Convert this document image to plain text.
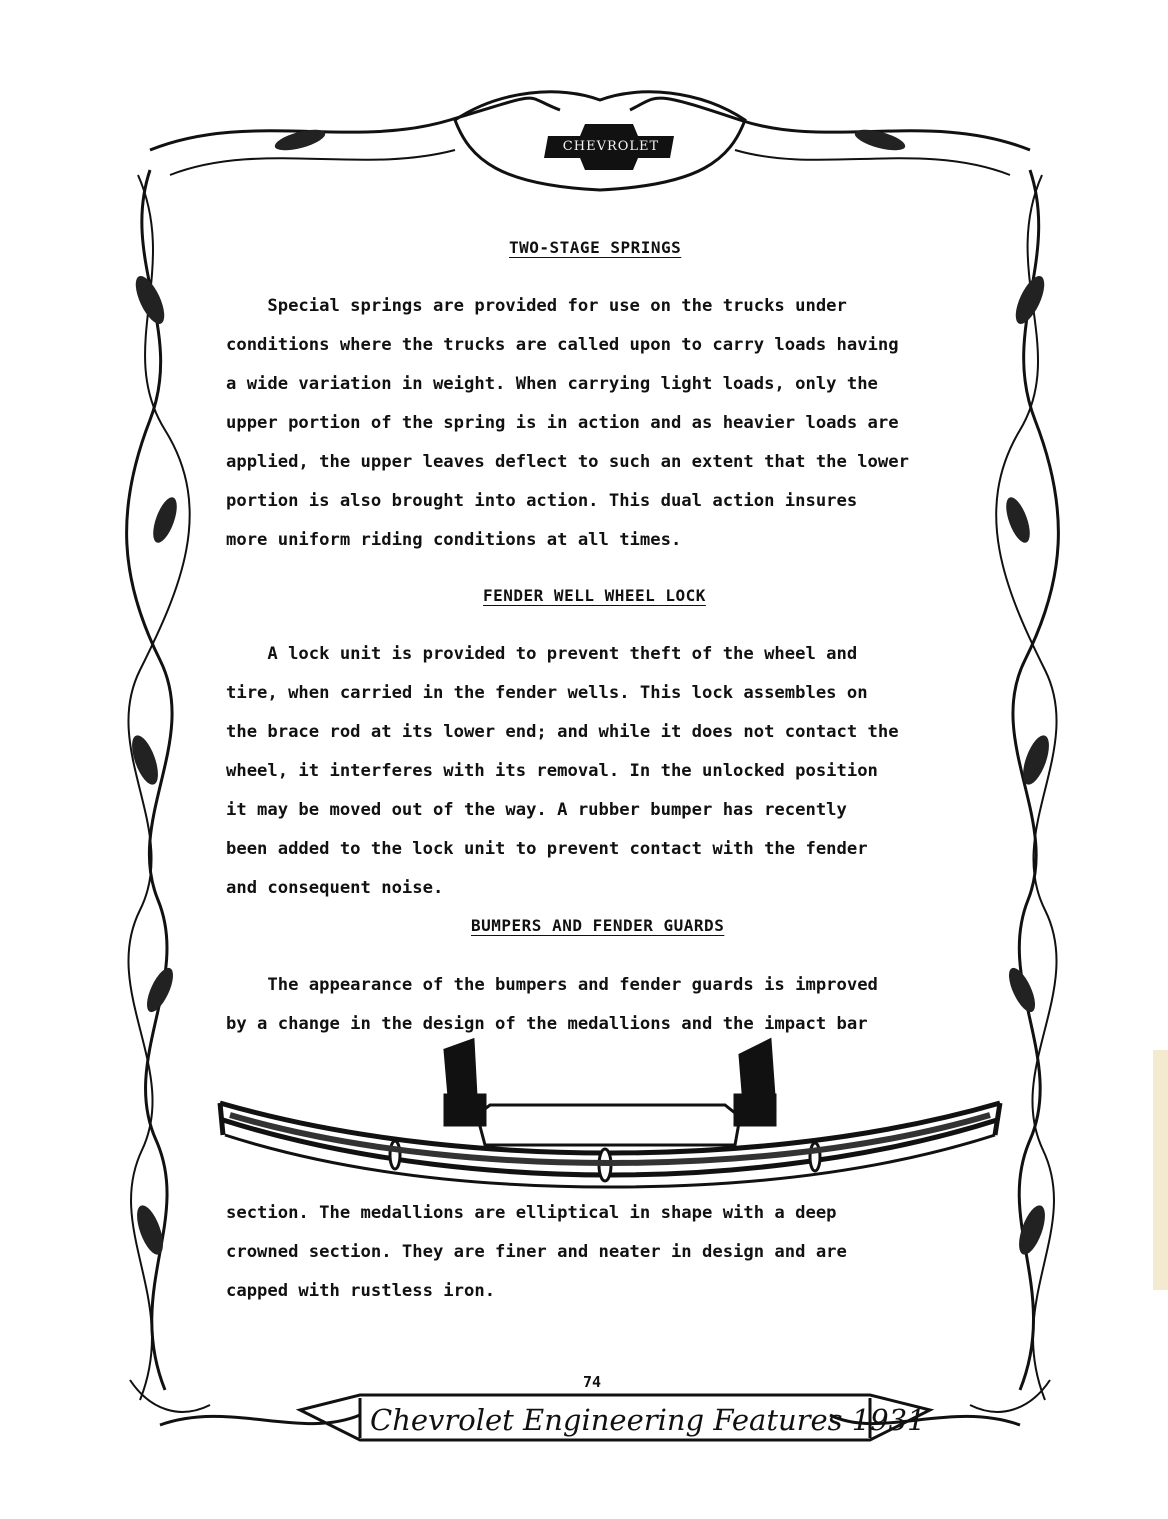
CHEVROLET
TWO-STAGE SPRINGS

Special springs are provided for use on the trucks under
conditions where the trucks are called upon to carry loads having
a wide variation in weight. When carrying light loads, only the
upper portion of the spring is in action and as heavier loads are
applied, the upper leaves deflect to such an extent that the lower
portion is also brought into action. This dual action insures
more uniform riding conditions at all times.

FENDER WELL WHEEL LOCK

A lock unit is provided to prevent theft of the wheel and
tire, when carried in the fender wells. This lock assembles on
the brace rod at its lower end; and while it does not contact the
wheel, it interferes with its removal. In the unlocked position
it may be moved out of the way. A rubber bumper has recently
been added to the lock unit to prevent contact with the fender
and consequent noise.

BUMPERS AND FENDER GUARDS

The appearance of the bumpers and fender guards is improved
by a change in the design of the medallions and the impact bar

section. The medallions are elliptical in shape with a deep
crowned section. They are finer and neater in design and are
capped with rustless iron.

74
Chevrolet Engineering Features 1931
